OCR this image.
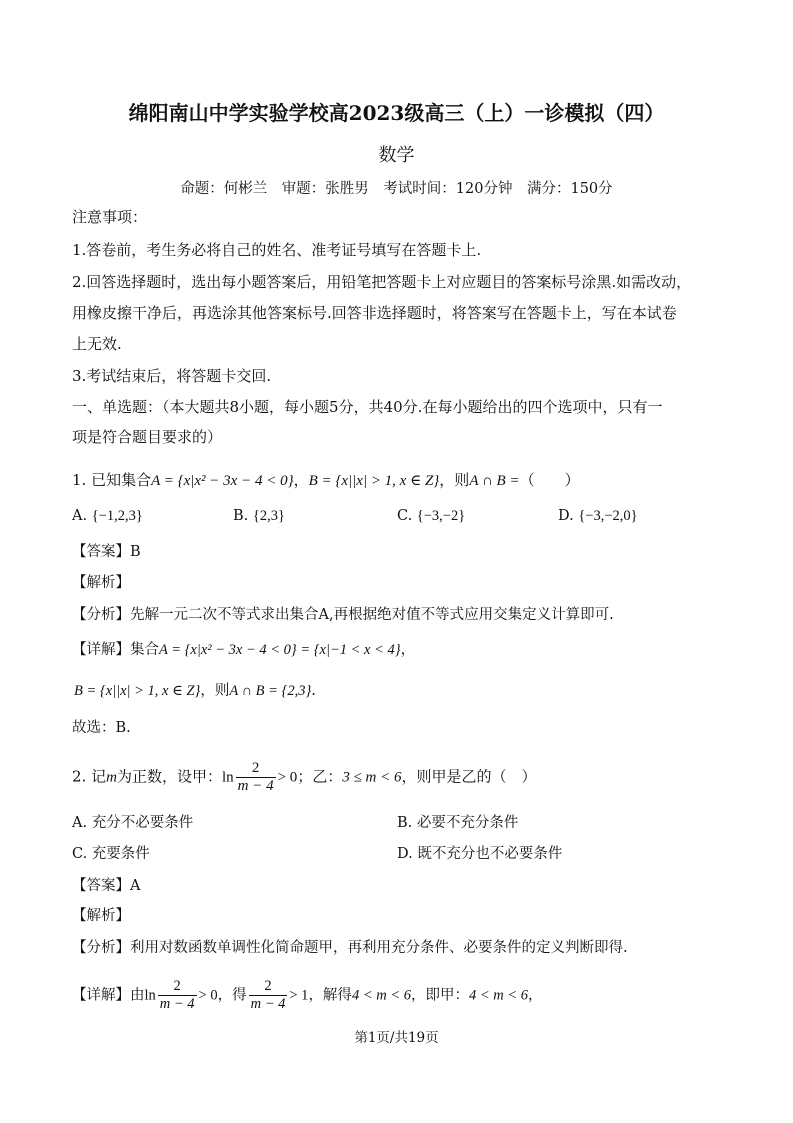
绵阳南山中学实验学校高2023级高三（上）一诊模拟（四）
数学
命题：何彬兰　审题：张胜男　考试时间：120分钟　满分：150分
注意事项：
1.答卷前，考生务必将自己的姓名、准考证号填写在答题卡上.
2.回答选择题时，选出每小题答案后，用铅笔把答题卡上对应题目的答案标号涂黑.如需改动，
用橡皮擦干净后，再选涂其他答案标号.回答非选择题时，将答案写在答题卡上，写在本试卷
上无效.
3.考试结束后，将答题卡交回.
一、单选题：（本大题共8小题，每小题5分，共40分.在每小题给出的四个选项中，只有一
项是符合题目要求的）
1. 已知集合A = {x|x² − 3x − 4 < 0}，B = {x||x| > 1, x ∈ Z}，则A ∩ B =（　　）
A. {−1,2,3}	B. {2,3}	C. {−3,−2}	D. {−3,−2,0}
【答案】B
【解析】
【分析】先解一元二次不等式求出集合A,再根据绝对值不等式应用交集定义计算即可.
【详解】集合A = {x|x² − 3x − 4 < 0} = {x|−1 < x < 4}，
B = {x||x| > 1, x ∈ Z}，则A ∩ B = {2,3}.
故选：B.
2. 记m为正数，设甲：$\ln \frac{2}{m - 4} > 0$；乙：3 ≤ m < 6，则甲是乙的（　）
A. 充分不必要条件	B. 必要不充分条件
C. 充要条件	D. 既不充分也不必要条件
【答案】A
【解析】
【分析】利用对数函数单调性化简命题甲，再利用充分条件、必要条件的定义判断即得.
【详解】由$\ln \frac{2}{m - 4} > 0$，得 $\frac{2}{m - 4} > 1$，解得4 < m < 6，即甲：4 < m < 6，
第1页/共19页
